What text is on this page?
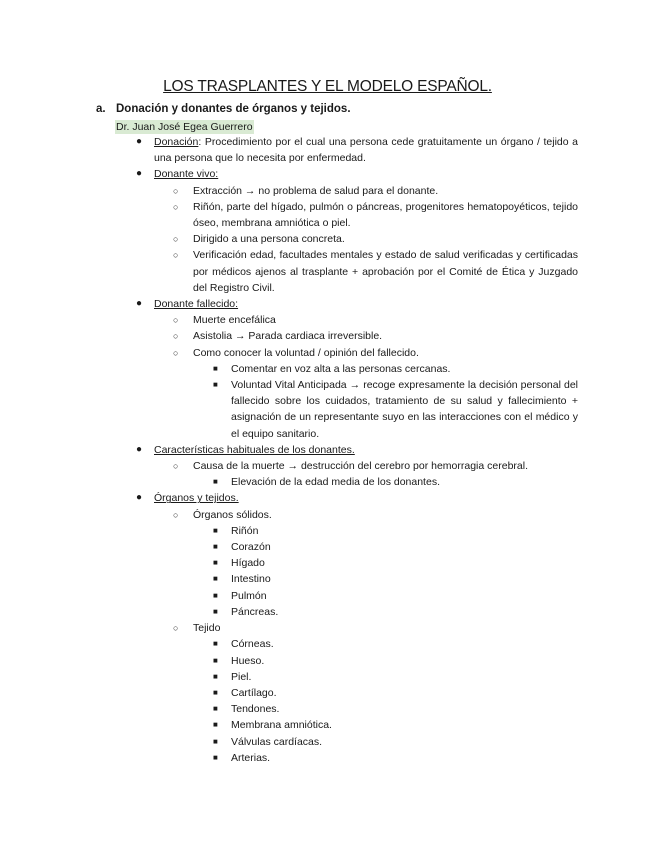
LOS TRASPLANTES Y EL MODELO ESPAÑOL.
a. Donación y donantes de órganos y tejidos.
Dr. Juan José Egea Guerrero
● Donación: Procedimiento por el cual una persona cede gratuitamente un órgano / tejido a una persona que lo necesita por enfermedad.
● Donante vivo:
○ Extracción → no problema de salud para el donante.
○ Riñón, parte del hígado, pulmón o páncreas, progenitores hematopoyéticos, tejido óseo, membrana amniótica o piel.
○ Dirigido a una persona concreta.
○ Verificación edad, facultades mentales y estado de salud verificadas y certificadas por médicos ajenos al trasplante + aprobación por el Comité de Ética y Juzgado del Registro Civil.
● Donante fallecido:
○ Muerte encefálica
○ Asistolia → Parada cardiaca irreversible.
○ Como conocer la voluntad / opinión del fallecido.
■ Comentar en voz alta a las personas cercanas.
■ Voluntad Vital Anticipada → recoge expresamente la decisión personal del fallecido sobre los cuidados, tratamiento de su salud y fallecimiento + asignación de un representante suyo en las interacciones con el médico y el equipo sanitario.
● Características habituales de los donantes.
○ Causa de la muerte → destrucción del cerebro por hemorragia cerebral.
■ Elevación de la edad media de los donantes.
● Órganos y tejidos.
○ Órganos sólidos.
■ Riñón
■ Corazón
■ Hígado
■ Intestino
■ Pulmón
■ Páncreas.
○ Tejido
■ Córneas.
■ Hueso.
■ Piel.
■ Cartílago.
■ Tendones.
■ Membrana amniótica.
■ Válvulas cardíacas.
■ Arterias.
